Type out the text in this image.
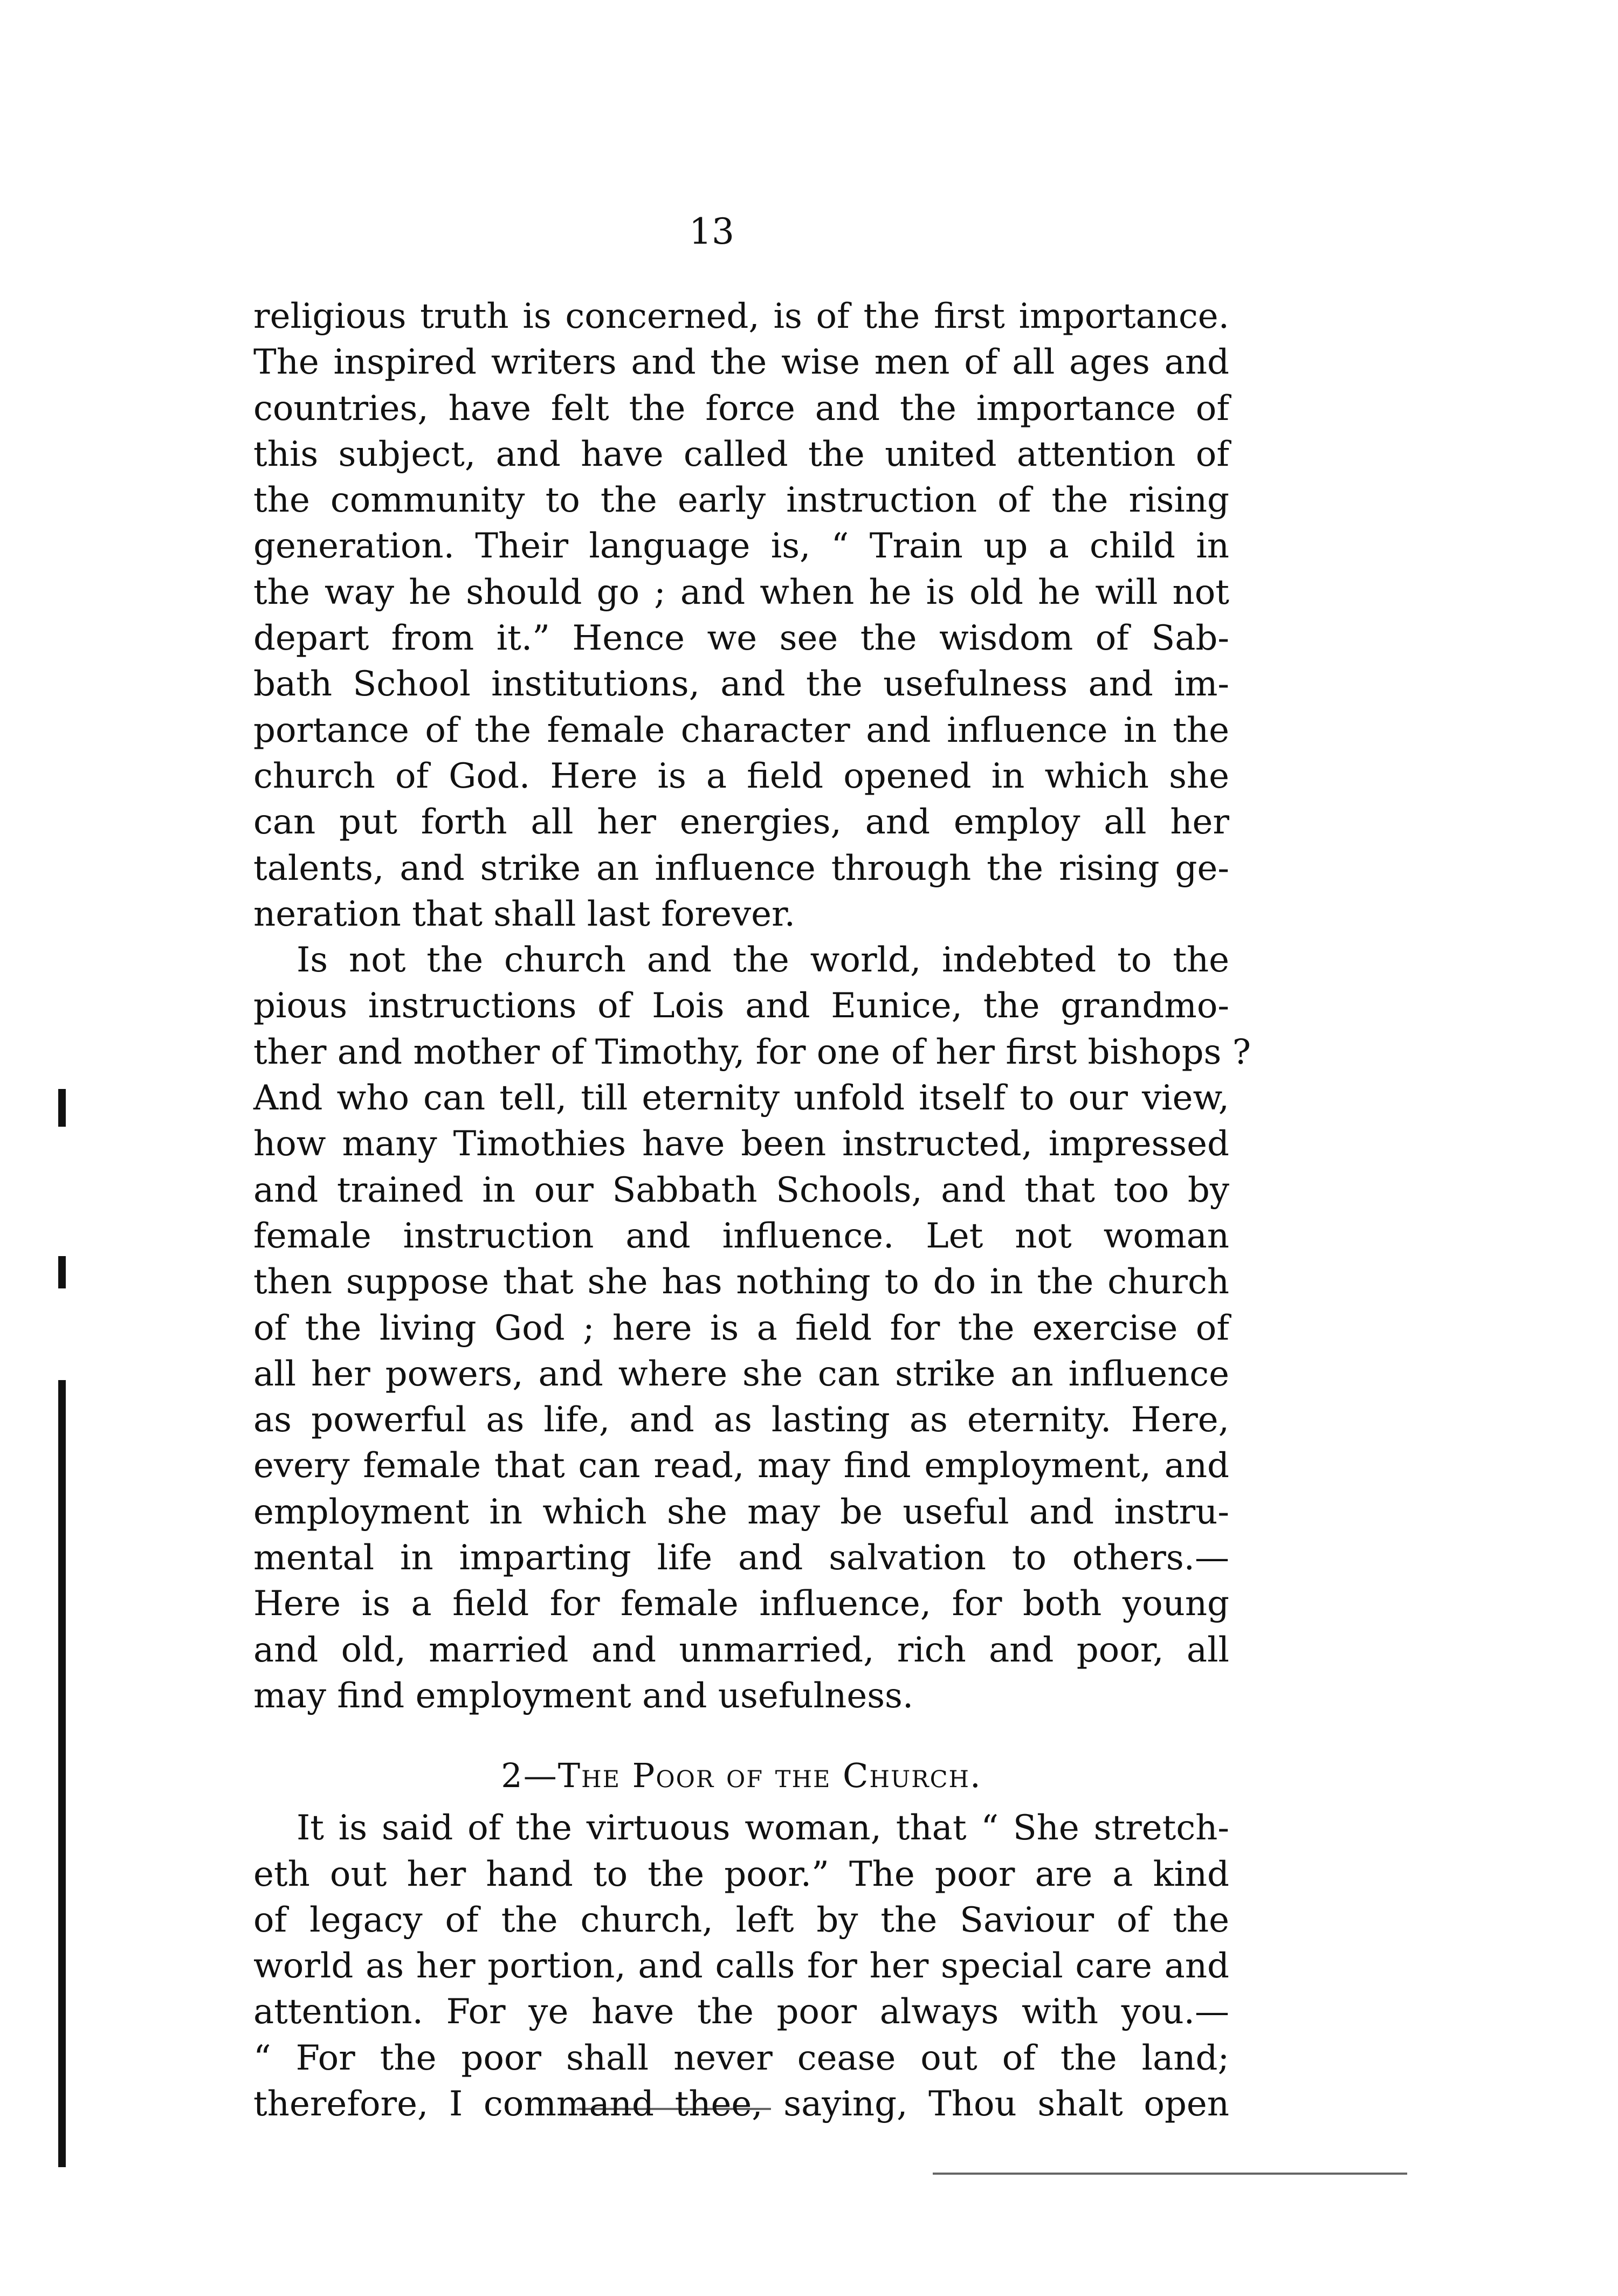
13
religious truth is concerned, is of the first importance.
The inspired writers and the wise men of all ages and
countries, have felt the force and the importance of
this subject, and have called the united attention of
the community to the early instruction of the rising
generation. Their language is, “ Train up a child in
the way he should go ; and when he is old he will not
depart from it.” Hence we see the wisdom of Sab-
bath School institutions, and the usefulness and im-
portance of the female character and influence in the
church of God. Here is a field opened in which she
can put forth all her energies, and employ all her
talents, and strike an influence through the rising ge-
neration that shall last forever.
Is not the church and the world, indebted to the
pious instructions of Lois and Eunice, the grandmo-
ther and mother of Timothy, for one of her first bishops ?
And who can tell, till eternity unfold itself to our view,
how many Timothies have been instructed, impressed
and trained in our Sabbath Schools, and that too by
female instruction and influence. Let not woman
then suppose that she has nothing to do in the church
of the living God ; here is a field for the exercise of
all her powers, and where she can strike an influence
as powerful as life, and as lasting as eternity. Here,
every female that can read, may find employment, and
employment in which she may be useful and instru-
mental in imparting life and salvation to others.—
Here is a field for female influence, for both young
and old, married and unmarried, rich and poor, all
may find employment and usefulness.
2—The Poor of the Church.
It is said of the virtuous woman, that “ She stretch-
eth out her hand to the poor.” The poor are a kind
of legacy of the church, left by the Saviour of the
world as her portion, and calls for her special care and
attention. For ye have the poor always with you.—
“ For the poor shall never cease out of the land;
therefore, I command thee, saying, Thou shalt open
